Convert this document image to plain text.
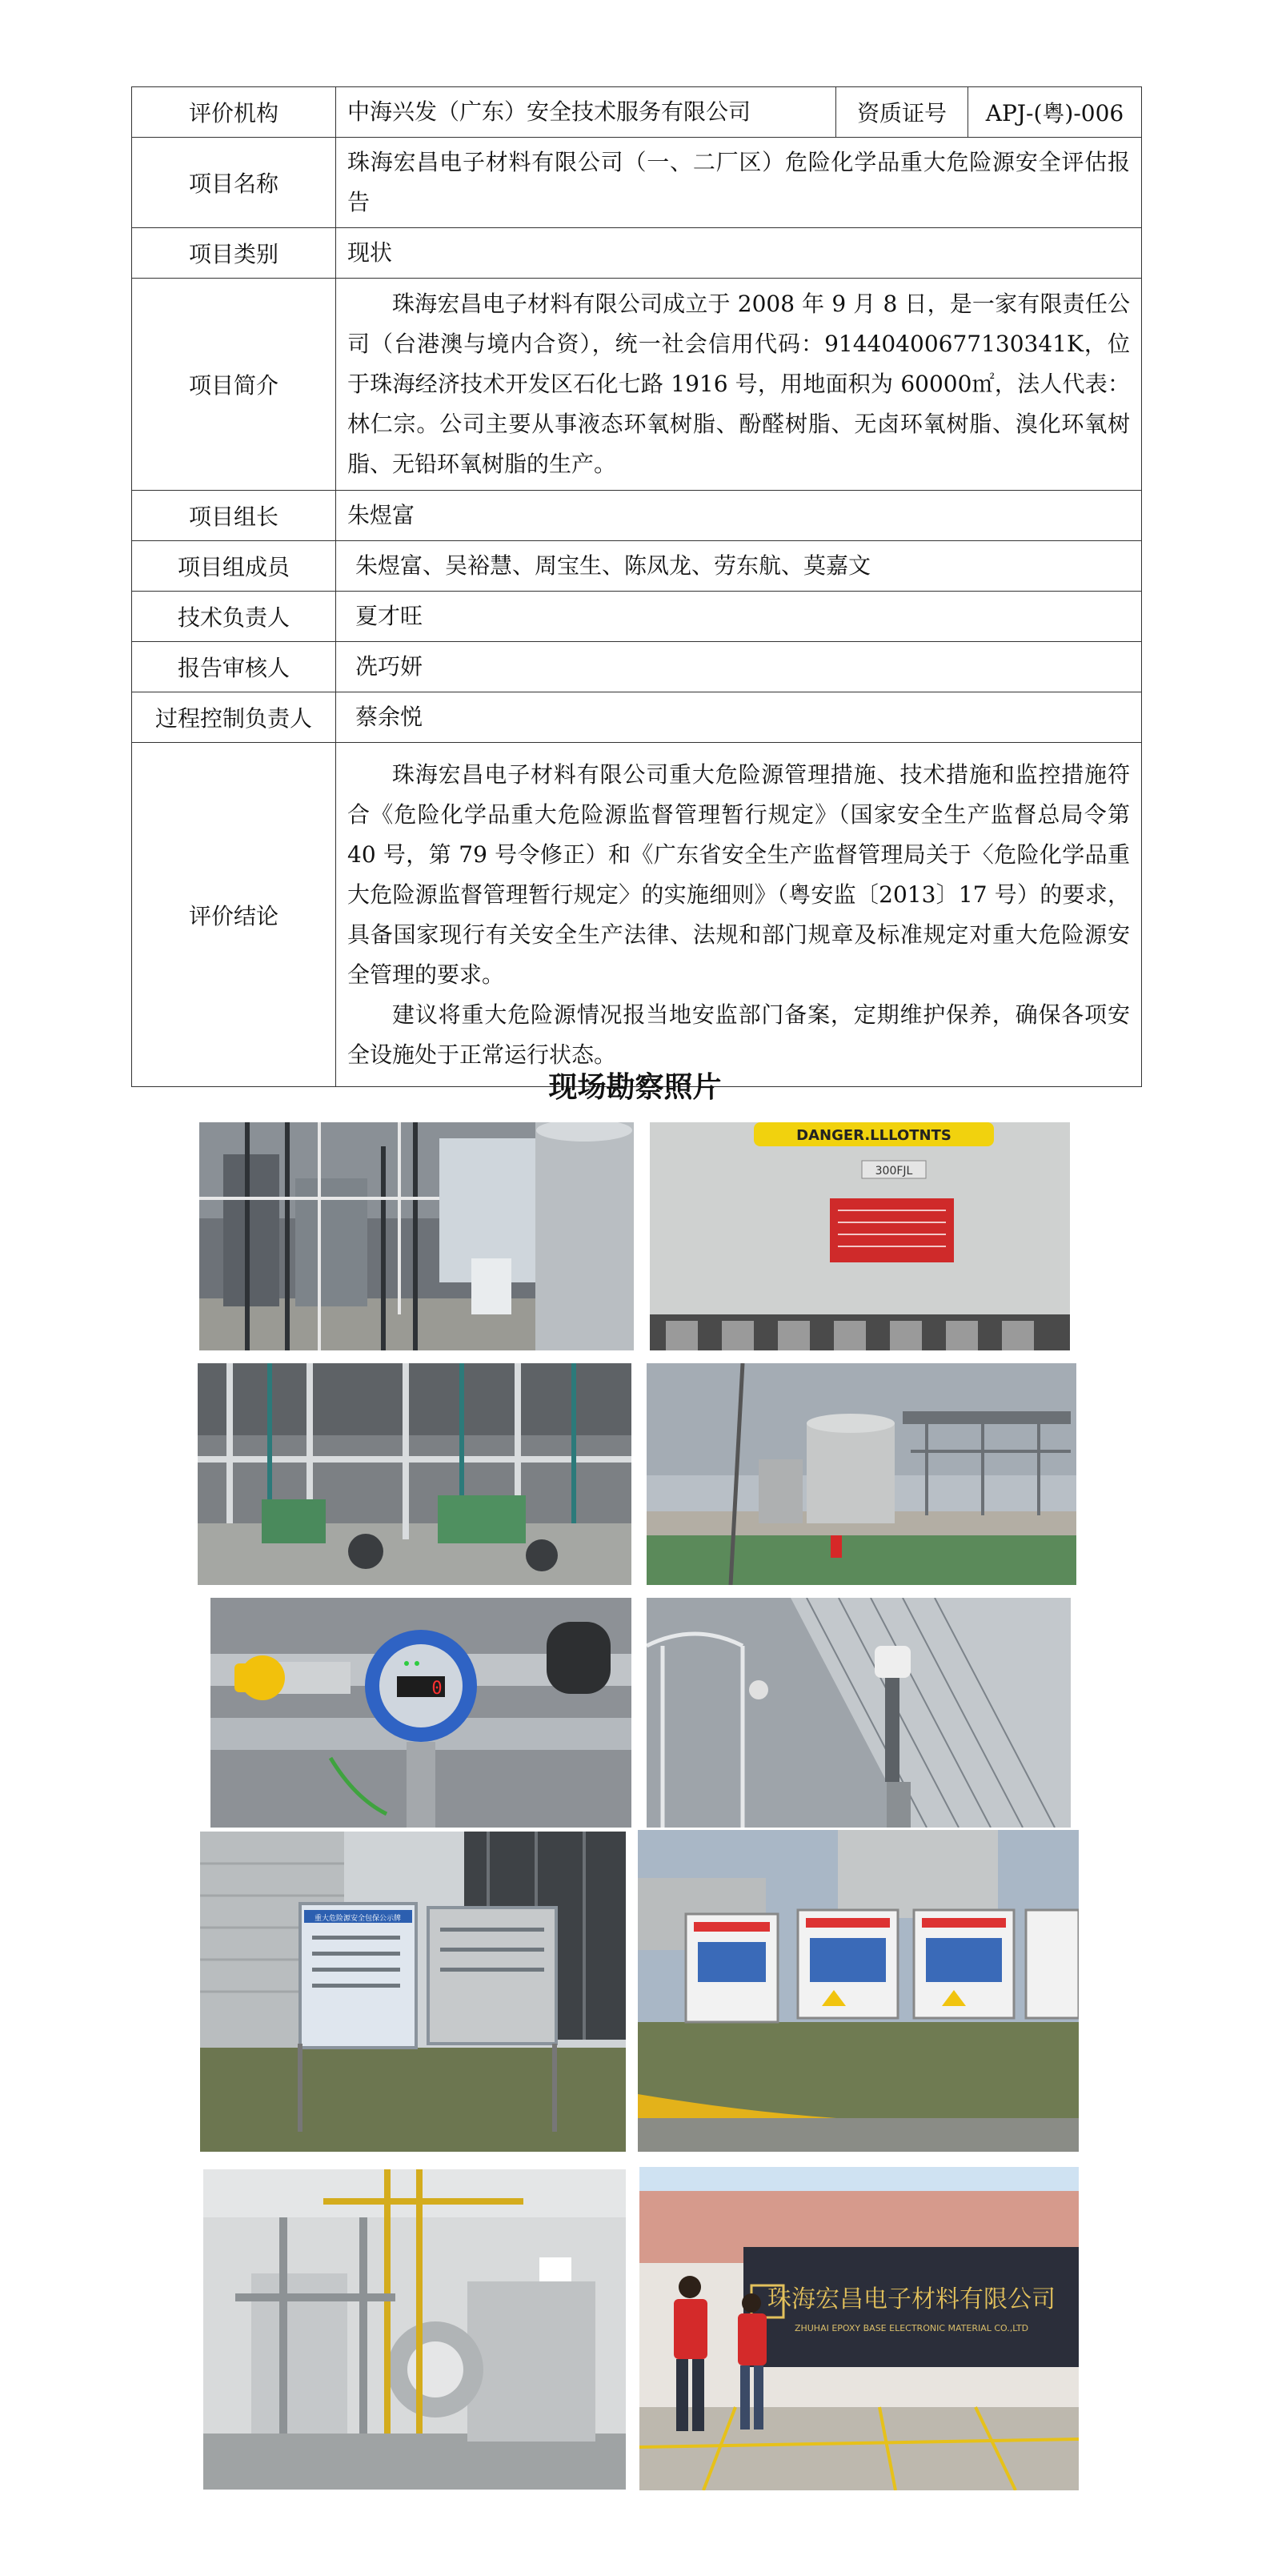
评价机构	中海兴发（广东）安全技术服务有限公司	资质证号	APJ-(粤)-006
项目名称	珠海宏昌电子材料有限公司（一、二厂区）危险化学品重大危险源安全评估报告		
项目类别	现状		
项目简介	珠海宏昌电子材料有限公司成立于 2008 年 9 月 8 日，是一家有限责任公司（台港澳与境内合资），统一社会信用代码：91440400677130341K，位于珠海经济技术开发区石化七路 1916 号，用地面积为 60000㎡，法人代表：林仁宗。公司主要从事液态环氧树脂、酚醛树脂、无卤环氧树脂、溴化环氧树脂、无铅环氧树脂的生产。		
项目组长	朱煜富		
项目组成员	朱煜富、吴裕慧、周宝生、陈凤龙、劳东航、莫嘉文		
技术负责人	夏才旺		
报告审核人	冼巧妍		
过程控制负责人	蔡余悦		
评价结论	珠海宏昌电子材料有限公司重大危险源管理措施、技术措施和监控措施符合《危险化学品重大危险源监督管理暂行规定》（国家安全生产监督总局令第 40 号，第 79 号令修正）和《广东省安全生产监督管理局关于〈危险化学品重大危险源监督管理暂行规定〉的实施细则》（粤安监〔2013〕17 号）的要求，具备国家现行有关安全生产法律、法规和部门规章及标准规定对重大危险源安全管理的要求。

建议将重大危险源情况报当地安监部门备案，定期维护保养，确保各项安全设施处于正常运行状态。		

现场勘察照片
DANGER.LLLOTNTS
300FJL
0
重大危险源安全包保公示牌
珠海宏昌电子材料有限公司
ZHUHAI EPOXY BASE ELECTRONIC MATERIAL CO.,LTD
